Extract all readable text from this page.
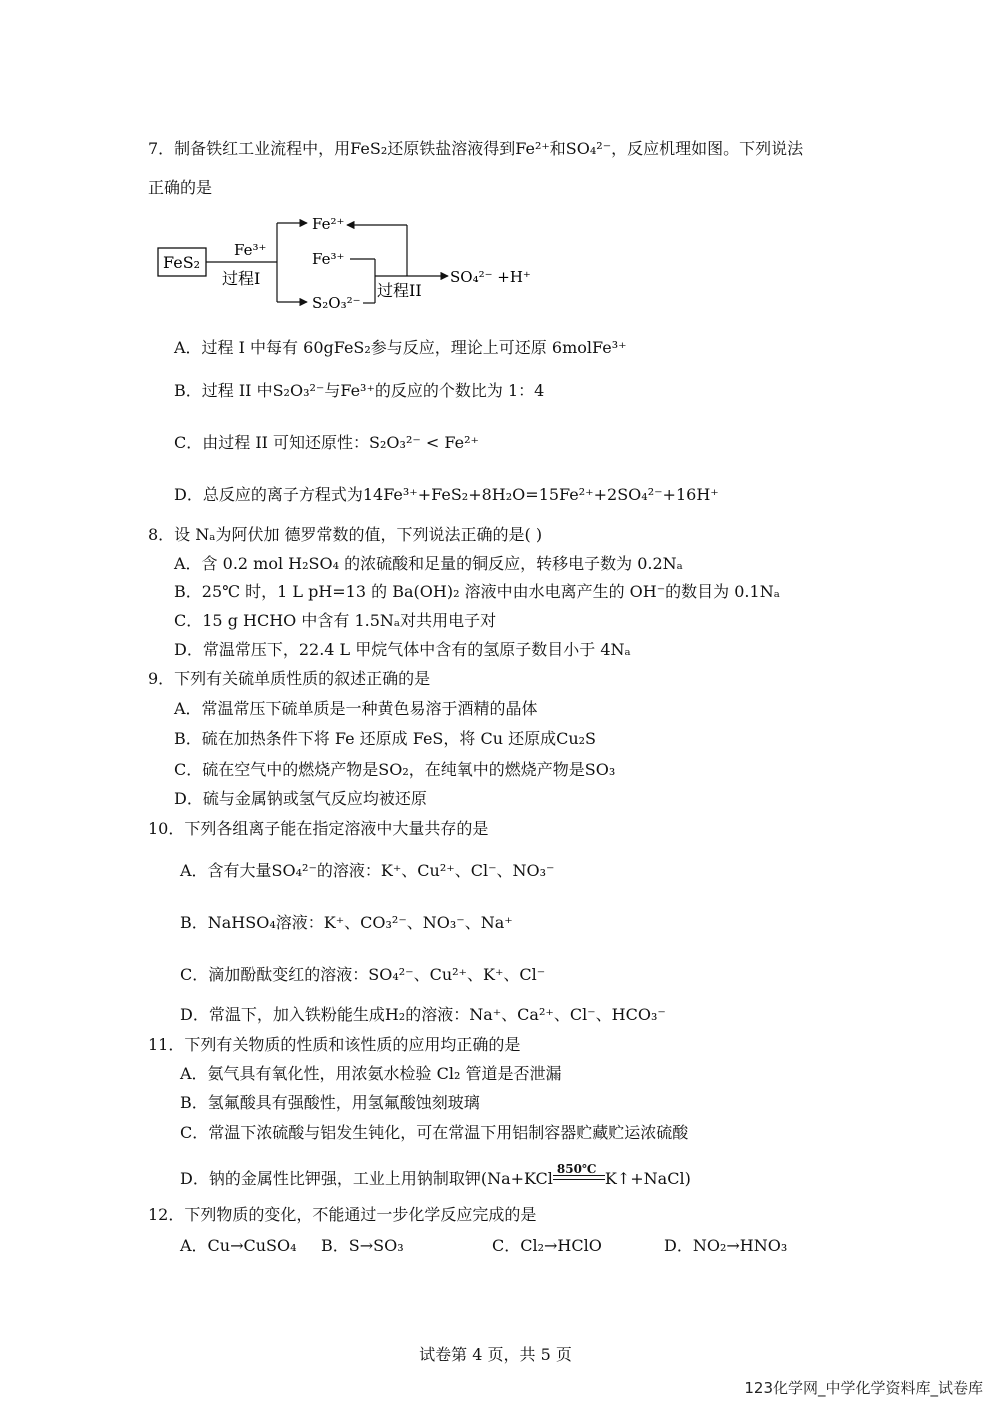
7．制备铁红工业流程中，用FeS₂还原铁盐溶液得到Fe²⁺和SO₄²⁻，反应机理如图。下列说法
正确的是
FeS₂
Fe³⁺
过程I
Fe²⁺
Fe³⁺
S₂O₃²⁻
过程II
SO₄²⁻ +H⁺
A．过程 I 中每有 60gFeS₂参与反应，理论上可还原 6molFe³⁺
B．过程 II 中S₂O₃²⁻与Fe³⁺的反应的个数比为 1：4
C．由过程 II 可知还原性：S₂O₃²⁻ < Fe²⁺
D．总反应的离子方程式为14Fe³⁺+FeS₂+8H₂O=15Fe²⁺+2SO₄²⁻+16H⁺
8．设 Nₐ为阿伏加 德罗常数的值，下列说法正确的是( )
A．含 0.2 mol H₂SO₄ 的浓硫酸和足量的铜反应，转移电子数为 0.2Nₐ
B．25℃ 时，1 L pH=13 的 Ba(OH)₂ 溶液中由水电离产生的 OH⁻的数目为 0.1Nₐ
C．15 g HCHO 中含有 1.5Nₐ对共用电子对
D．常温常压下，22.4 L 甲烷气体中含有的氢原子数目小于 4Nₐ
9．下列有关硫单质性质的叙述正确的是
A．常温常压下硫单质是一种黄色易溶于酒精的晶体
B．硫在加热条件下将 Fe 还原成 FeS，将 Cu 还原成Cu₂S
C．硫在空气中的燃烧产物是SO₂，在纯氧中的燃烧产物是SO₃
D．硫与金属钠或氢气反应均被还原
10．下列各组离子能在指定溶液中大量共存的是
A．含有大量SO₄²⁻的溶液：K⁺、Cu²⁺、Cl⁻、NO₃⁻
B．NaHSO₄溶液：K⁺、CO₃²⁻、NO₃⁻、Na⁺
C．滴加酚酞变红的溶液：SO₄²⁻、Cu²⁺、K⁺、Cl⁻
D．常温下，加入铁粉能生成H₂的溶液：Na⁺、Ca²⁺、Cl⁻、HCO₃⁻
11．下列有关物质的性质和该性质的应用均正确的是
A．氨气具有氧化性，用浓氨水检验 Cl₂ 管道是否泄漏
B．氢氟酸具有强酸性，用氢氟酸蚀刻玻璃
C．常温下浓硫酸与铝发生钝化，可在常温下用铝制容器贮藏贮运浓硫酸
D．钠的金属性比钾强，工业上用钠制取钾(Na+KCl 850℃ K↑+NaCl)
12．下列物质的变化，不能通过一步化学反应完成的是
A．Cu→CuSO₄ B．S→SO₃	C．Cl₂→HClO	D．NO₂→HNO₃
试卷第 4 页，共 5 页
123化学网_中学化学资料库_试卷库
